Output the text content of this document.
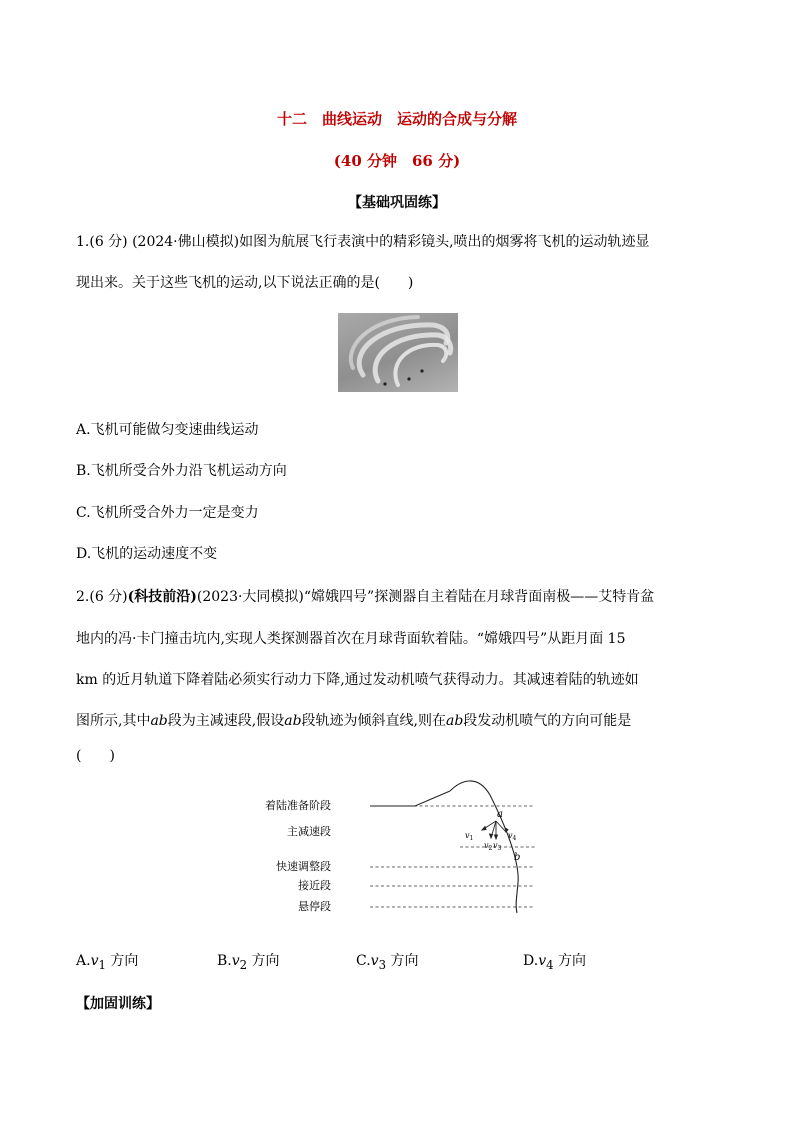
十二　曲线运动　运动的合成与分解
(40 分钟　66 分)
【基础巩固练】
1.(6 分) (2024·佛山模拟)如图为航展飞行表演中的精彩镜头,喷出的烟雾将飞机的运动轨迹显
现出来。关于这些飞机的运动,以下说法正确的是(　　)
A.飞机可能做匀变速曲线运动
B.飞机所受合外力沿飞机运动方向
C.飞机所受合外力一定是变力
D.飞机的运动速度不变
2.(6 分)(科技前沿)(2023·大同模拟)“嫦娥四号”探测器自主着陆在月球背面南极——艾特肯盆
地内的冯·卡门撞击坑内,实现人类探测器首次在月球背面软着陆。“嫦娥四号”从距月面 15
km 的近月轨道下降着陆必须实行动力下降,通过发动机喷气获得动力。其减速着陆的轨迹如
图所示,其中ab段为主减速段,假设ab段轨迹为倾斜直线,则在ab段发动机喷气的方向可能是
(　　)
着陆准备阶段
主减速段
快速调整段
接近段
悬停段
a
b
$v_1$
$v_2$ $v_3$
$v_4$
$A.v_1$ 方向	$B.v_2$ 方向	$C.v_3$ 方向	$D.v_4$ 方向
【加固训练】
